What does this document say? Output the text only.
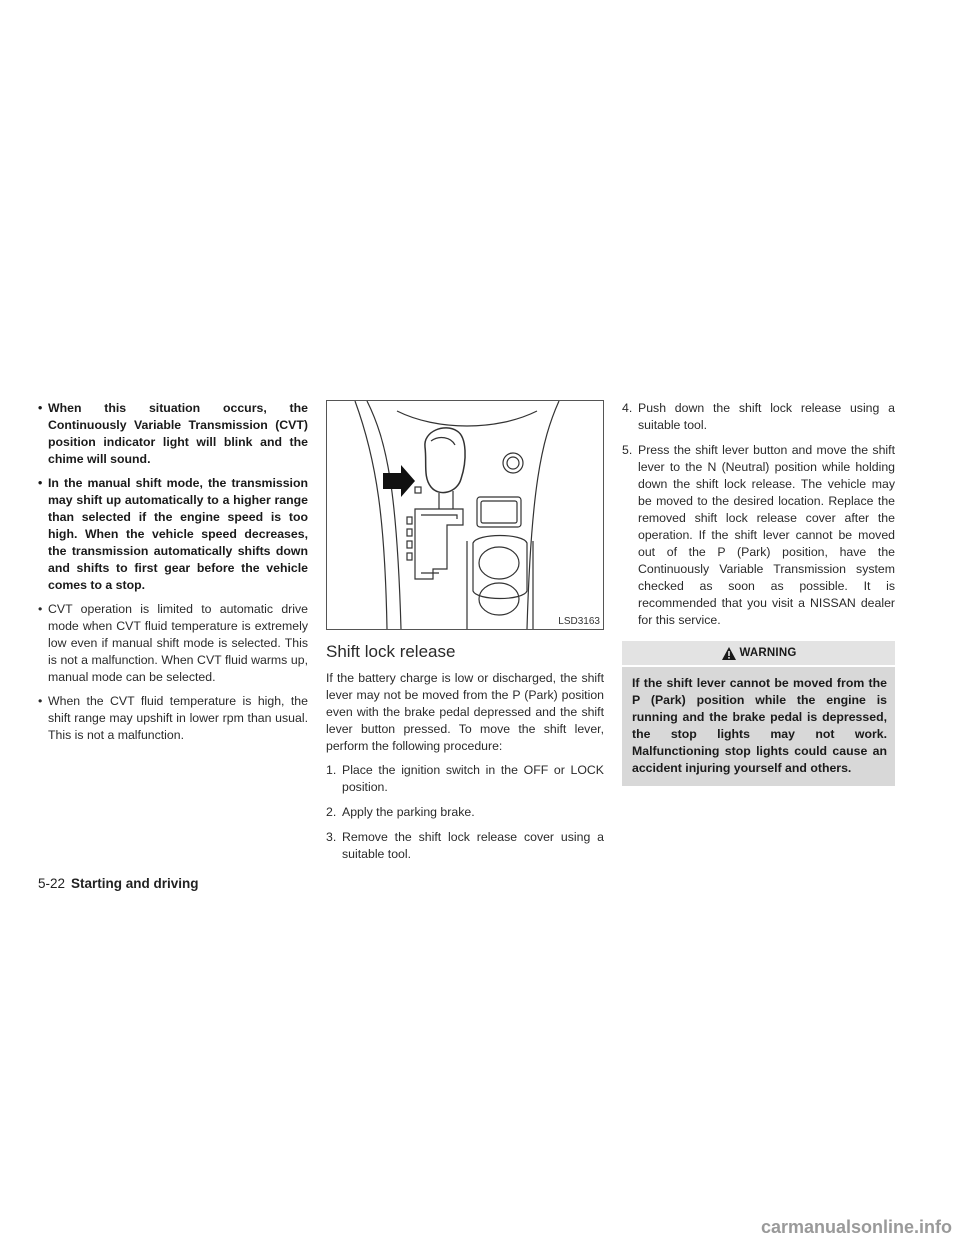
• When this situation occurs, the Continuously Variable Transmission (CVT) position indicator light will blink and the chime will sound.
• In the manual shift mode, the transmission may shift up automatically to a higher range than selected if the engine speed is too high. When the vehicle speed decreases, the transmission automatically shifts down and shifts to first gear before the vehicle comes to a stop.
• CVT operation is limited to automatic drive mode when CVT fluid temperature is extremely low even if manual shift mode is selected. This is not a malfunction. When CVT fluid warms up, manual mode can be selected.
• When the CVT fluid temperature is high, the shift range may upshift in lower rpm than usual. This is not a malfunction.
LSD3163
Shift lock release

If the battery charge is low or discharged, the shift lever may not be moved from the P (Park) position even with the brake pedal depressed and the shift lever button pressed. To move the shift lever, perform the following procedure:

1. Place the ignition switch in the OFF or LOCK position.
2. Apply the parking brake.
3. Remove the shift lock release cover using a suitable tool.
4. Push down the shift lock release using a suitable tool.
5. Press the shift lever button and move the shift lever to the N (Neutral) position while holding down the shift lock release. The vehicle may be moved to the desired location. Replace the removed shift lock release cover after the operation. If the shift lever cannot be moved out of the P (Park) position, have the Continuously Variable Transmission system checked as soon as possible. It is recommended that you visit a NISSAN dealer for this service.
WARNING
If the shift lever cannot be moved from the P (Park) position while the engine is running and the brake pedal is depressed, the stop lights may not work. Malfunctioning stop lights could cause an accident injuring yourself and others.
5-22 Starting and driving
carmanualsonline.info
